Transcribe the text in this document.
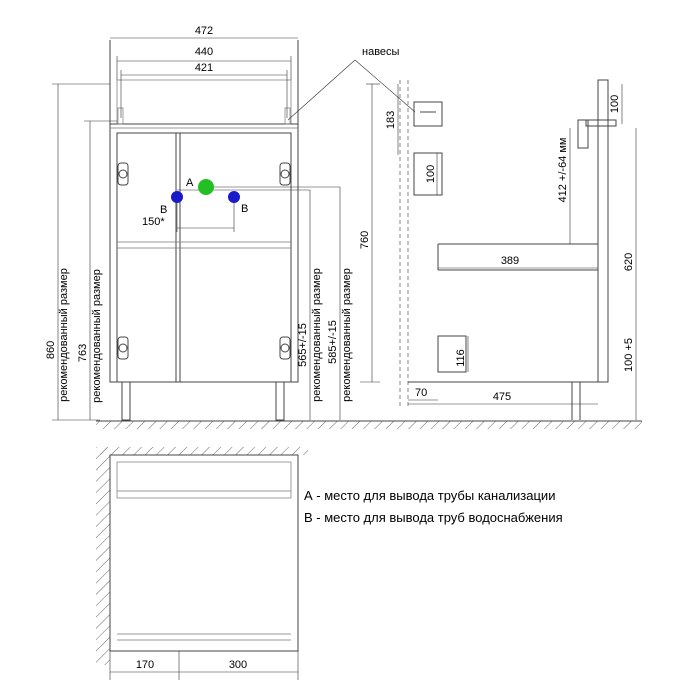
472
440
421
навесы
860 рекомендованный размер 763 рекомендованный размер
A
B	B
150*
565+/-15 рекомендованный размер 585+/-15 рекомендованный размер
760
183
100
100
412 +/-64 мм
389	620
116	100 +5
70	475
170	300
А - место для вывода трубы канализации
В - место для вывода труб водоснабжения
